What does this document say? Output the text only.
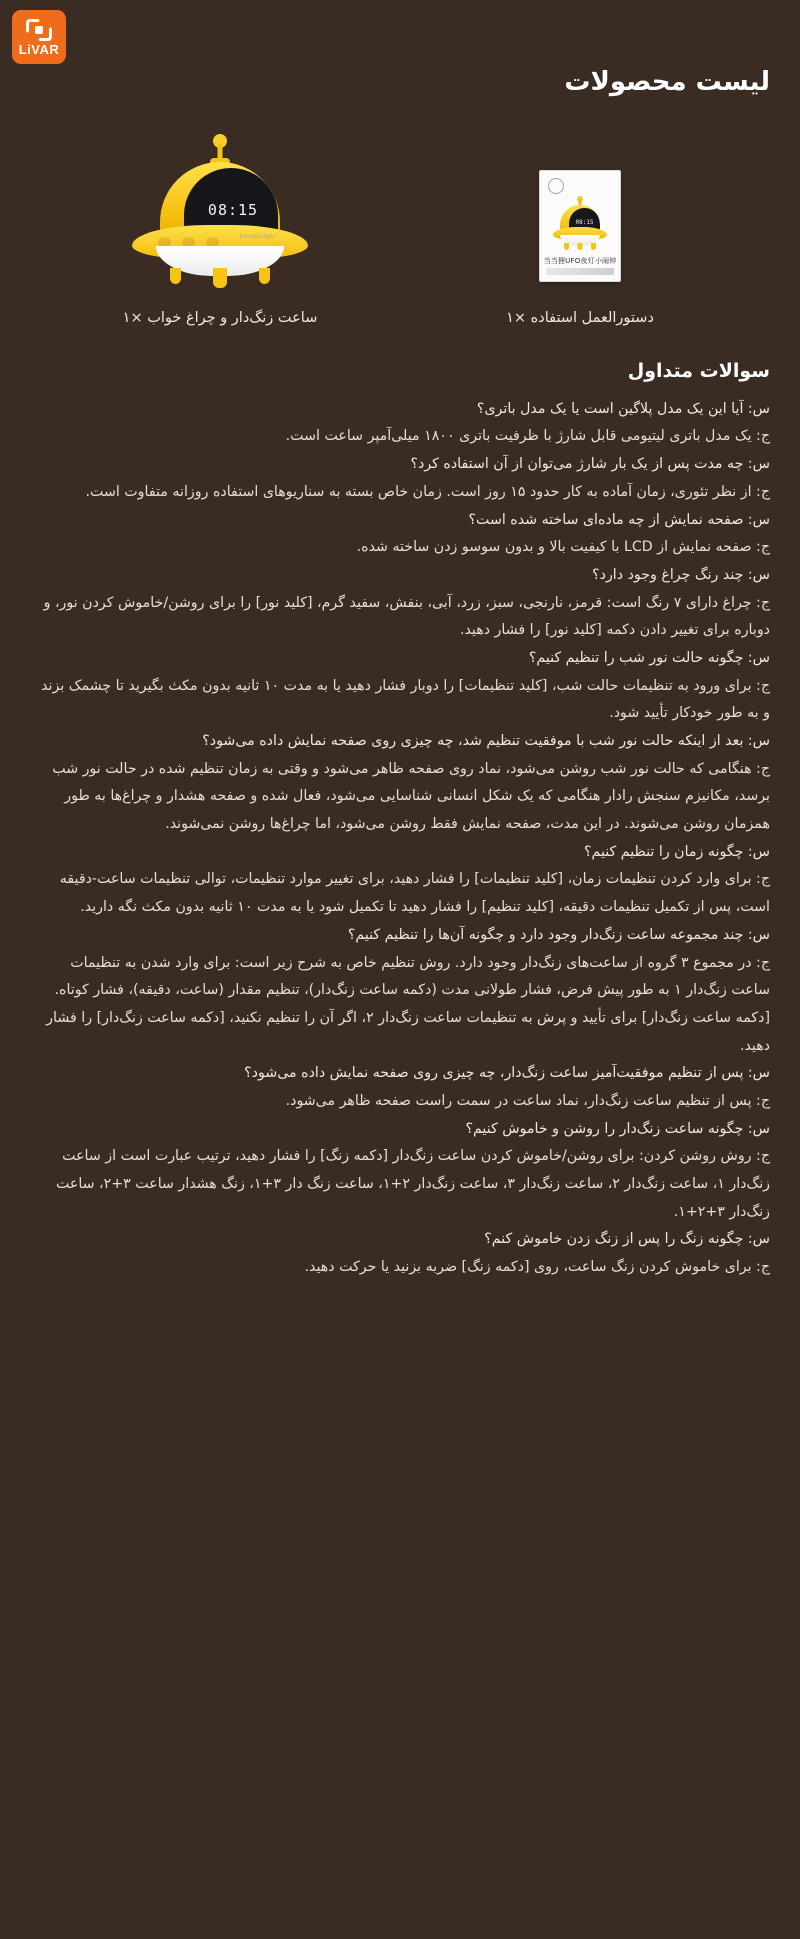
LiVAR
لیست محصولات
08:15
当当狸UFO夜灯小闹钟
دستورالعمل استفاده ×۱
08:15
DangDangLi
ساعت زنگ‌دار و چراغ خواب ×۱
سوالات متداول

س: آیا این یک مدل پلاگین است یا یک مدل باتری؟

ج: یک مدل باتری لیتیومی قابل شارژ با ظرفیت باتری ۱۸۰۰ میلی‌آمپر ساعت است.

س: چه مدت پس از یک بار شارژ می‌توان از آن استفاده کرد؟

ج: از نظر تئوری، زمان آماده به کار حدود ۱۵ روز است. زمان خاص بسته به سناریوهای استفاده روزانه متفاوت است.

س: صفحه نمایش از چه ماده‌ای ساخته شده است؟

ج: صفحه نمایش از LCD با کیفیت بالا و بدون سوسو زدن ساخته شده.

س: چند رنگ چراغ وجود دارد؟

ج: چراغ دارای ۷ رنگ است: قرمز، نارنجی، سبز، زرد، آبی، بنفش، سفید گرم، [کلید نور] را برای روشن/خاموش کردن نور، و دوباره برای تغییر دادن دکمه [کلید نور] را فشار دهید.

س: چگونه حالت نور شب را تنظیم کنیم؟

ج: برای ورود به تنظیمات حالت شب، [کلید تنظیمات] را دوبار فشار دهید یا به مدت ۱۰ ثانیه بدون مکث بگیرید تا چشمک بزند و به طور خودکار تأیید شود.

س: بعد از اینکه حالت نور شب با موفقیت تنظیم شد، چه چیزی روی صفحه نمایش داده می‌شود؟

ج: هنگامی که حالت نور شب روشن می‌شود، نماد روی صفحه ظاهر می‌شود و وقتی به زمان تنظیم شده در حالت نور شب برسد، مکانیزم سنجش رادار هنگامی که یک شکل انسانی شناسایی می‌شود، فعال شده و صفحه هشدار و چراغ‌ها به طور همزمان روشن می‌شوند. در این مدت، صفحه نمایش فقط روشن می‌شود، اما چراغ‌ها روشن نمی‌شوند.

س: چگونه زمان را تنظیم کنیم؟

ج: برای وارد کردن تنظیمات زمان، [کلید تنظیمات] را فشار دهید، برای تغییر موارد تنظیمات، توالی تنظیمات ساعت-دقیقه است، پس از تکمیل تنظیمات دقیقه، [کلید تنظیم] را فشار دهید تا تکمیل شود یا به مدت ۱۰ ثانیه بدون مکث نگه دارید.

س: چند مجموعه ساعت زنگ‌دار وجود دارد و چگونه آن‌ها را تنظیم کنیم؟

ج: در مجموع ۳ گروه از ساعت‌های زنگ‌دار وجود دارد. روش تنظیم خاص به شرح زیر است: برای وارد شدن به تنظیمات ساعت زنگ‌دار ۱ به طور پیش فرض، فشار طولانی مدت (دکمه ساعت زنگ‌دار)، تنظیم مقدار (ساعت، دقیقه)، فشار کوتاه. [دکمه ساعت زنگ‌دار] برای تأیید و پرش به تنظیمات ساعت زنگ‌دار ۲، اگر آن را تنظیم نکنید، [دکمه ساعت زنگ‌دار] را فشار دهید.

س: پس از تنظیم موفقیت‌آمیز ساعت زنگ‌دار، چه چیزی روی صفحه نمایش داده می‌شود؟

ج: پس از تنظیم ساعت زنگ‌دار، نماد ساعت در سمت راست صفحه ظاهر می‌شود.

س: چگونه ساعت زنگ‌دار را روشن و خاموش کنیم؟

ج: روش روشن کردن: برای روشن/خاموش کردن ساعت زنگ‌دار [دکمه زنگ] را فشار دهید، ترتیب عبارت است از ساعت زنگ‌دار ۱، ساعت زنگ‌دار ۲، ساعت زنگ‌دار ۳، ساعت زنگ‌دار ۲+۱، ساعت زنگ دار ۳+۱، زنگ هشدار ساعت ۳+۲، ساعت زنگ‌دار ۳+۲+۱.

س: چگونه زنگ را پس از زنگ زدن خاموش کنم؟

ج: برای خاموش کردن زنگ ساعت، روی [دکمه زنگ] ضربه بزنید یا حرکت دهید.
